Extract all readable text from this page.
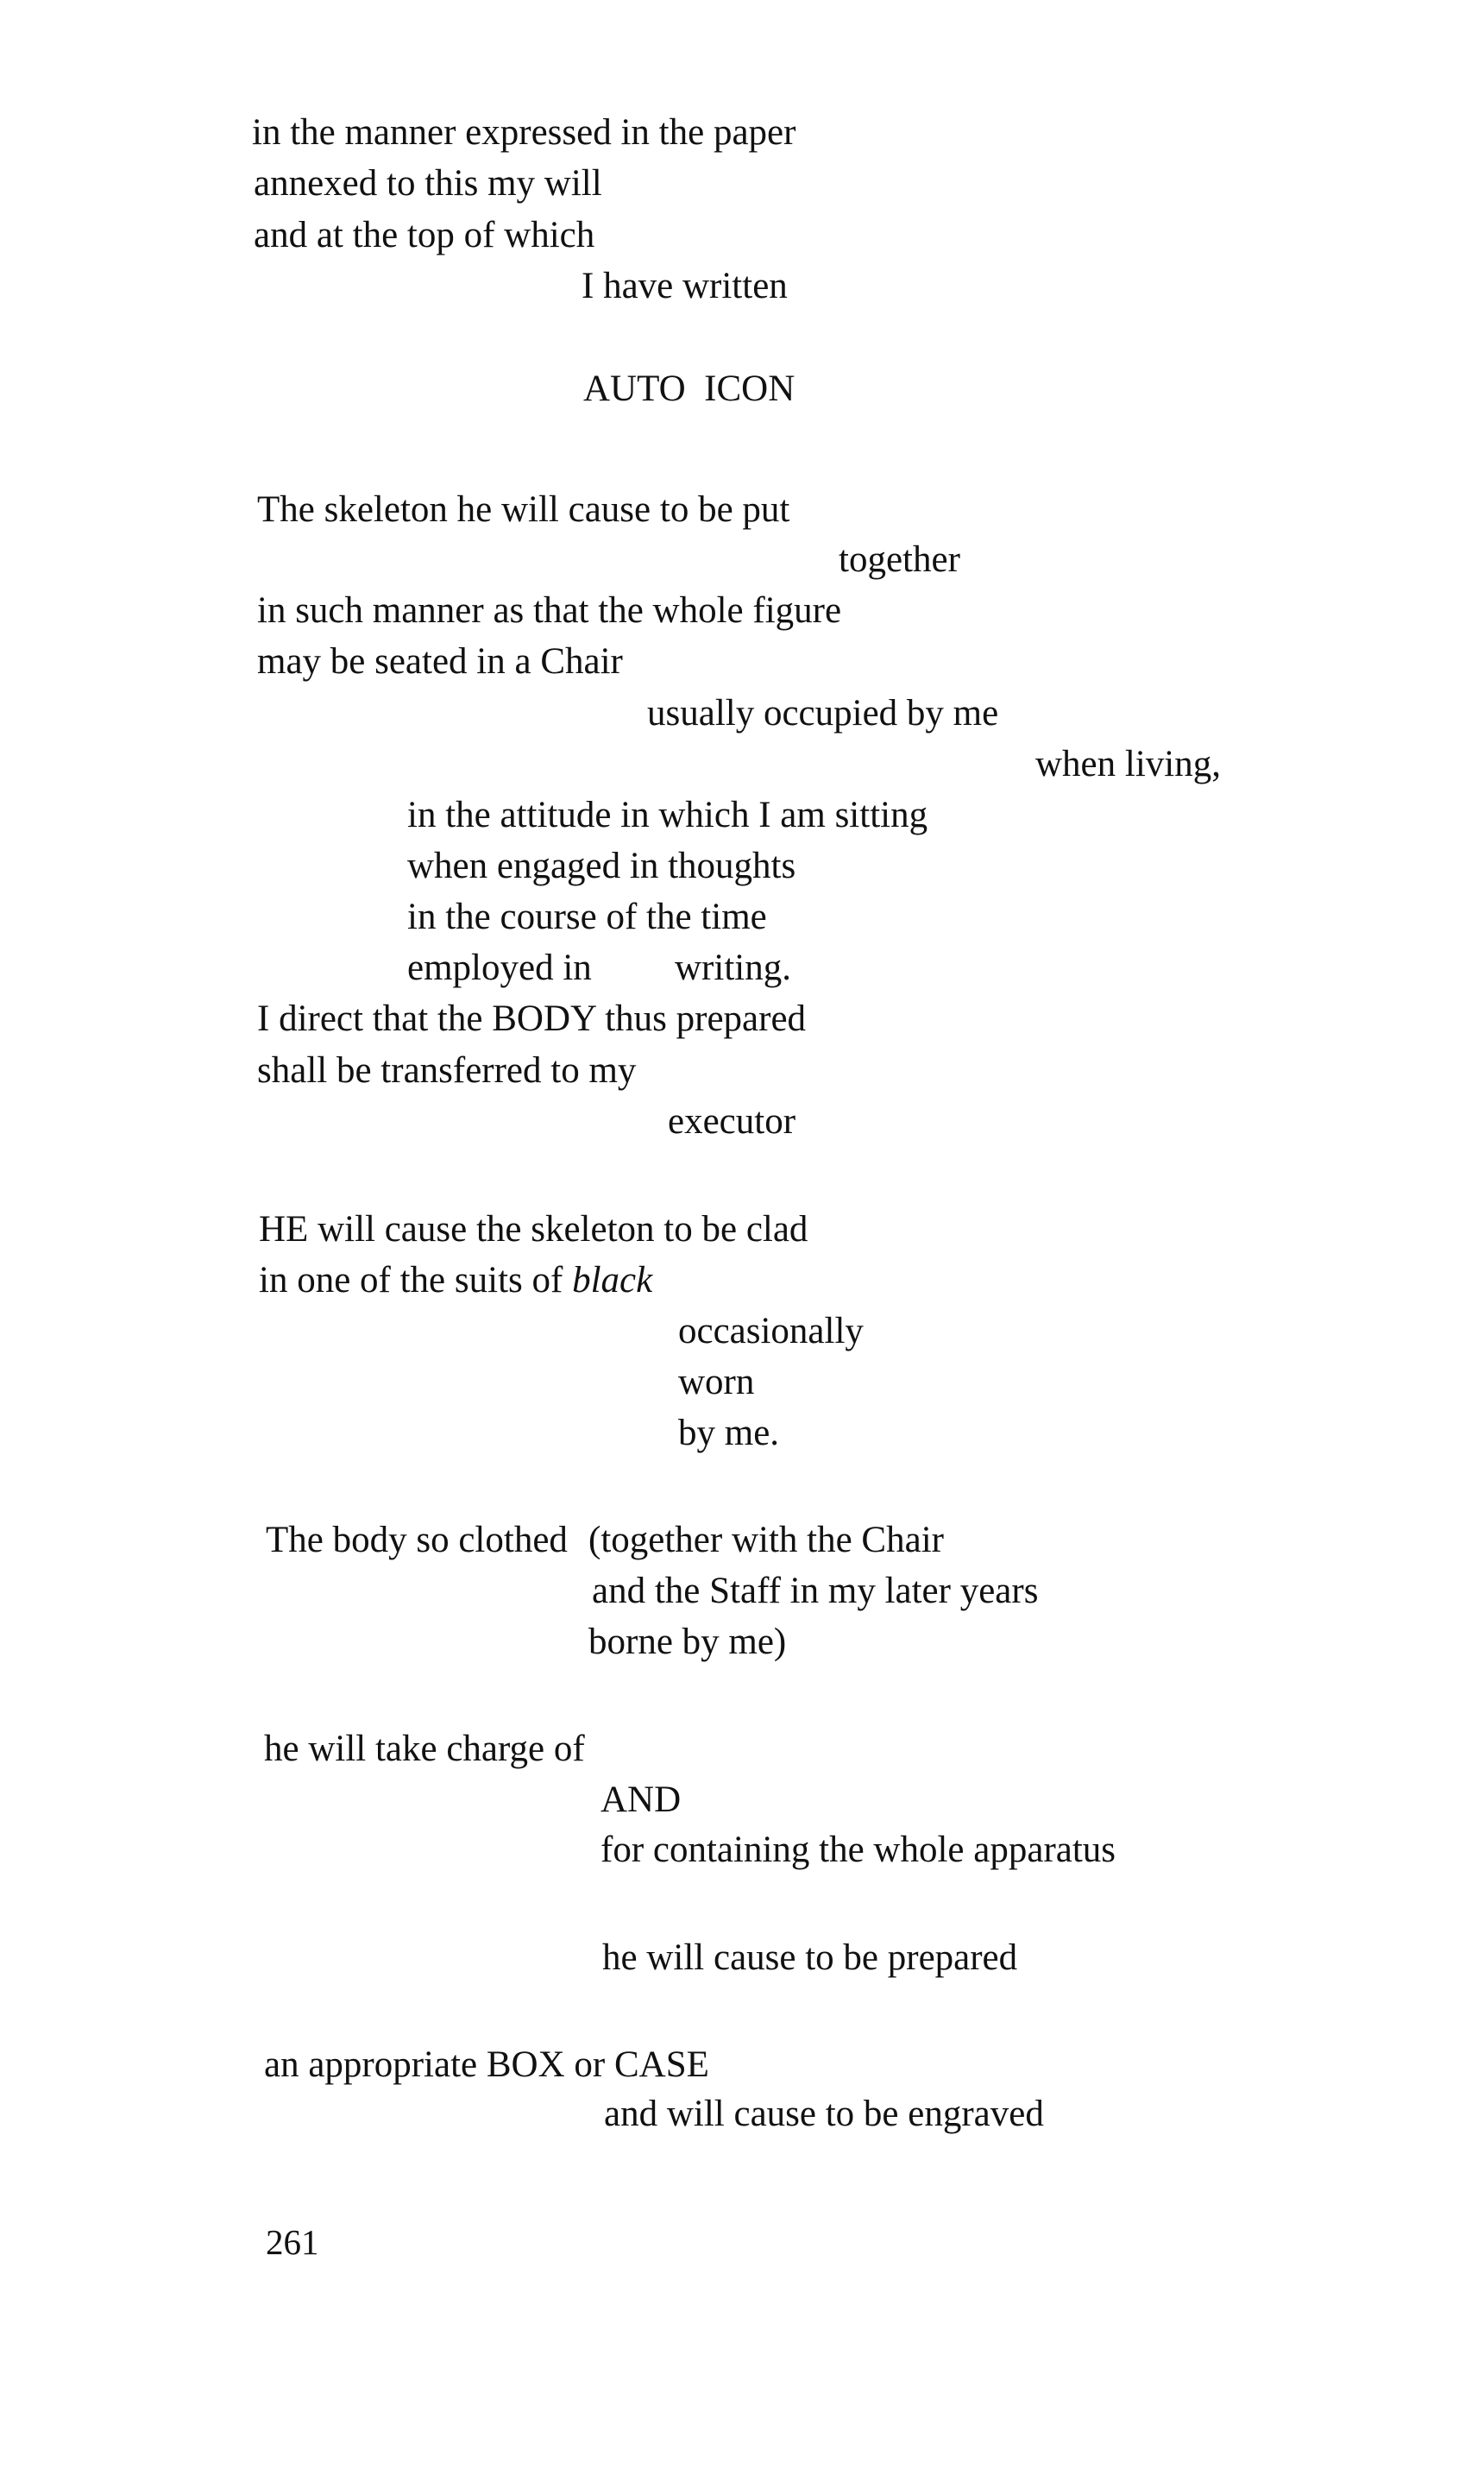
in the manner expressed in the paper
annexed to this my will
and at the top of which
I have written
AUTO  ICON
The skeleton he will cause to be put
together
in such manner as that the whole figure
may be seated in a Chair
usually occupied by me
when living,
in the attitude in which I am sitting
when engaged in thoughts
in the course of the time
employed in writing.
I direct that the BODY thus prepared
shall be transferred to my
executor
HE will cause the skeleton to be clad
in one of the suits of black
occasionally
worn
by me.
The body so clothed (together with the Chair
and the Staff in my later years
borne by me)
he will take charge of
AND
for containing the whole apparatus
he will cause to be prepared
an appropriate BOX or CASE
and will cause to be engraved
261
